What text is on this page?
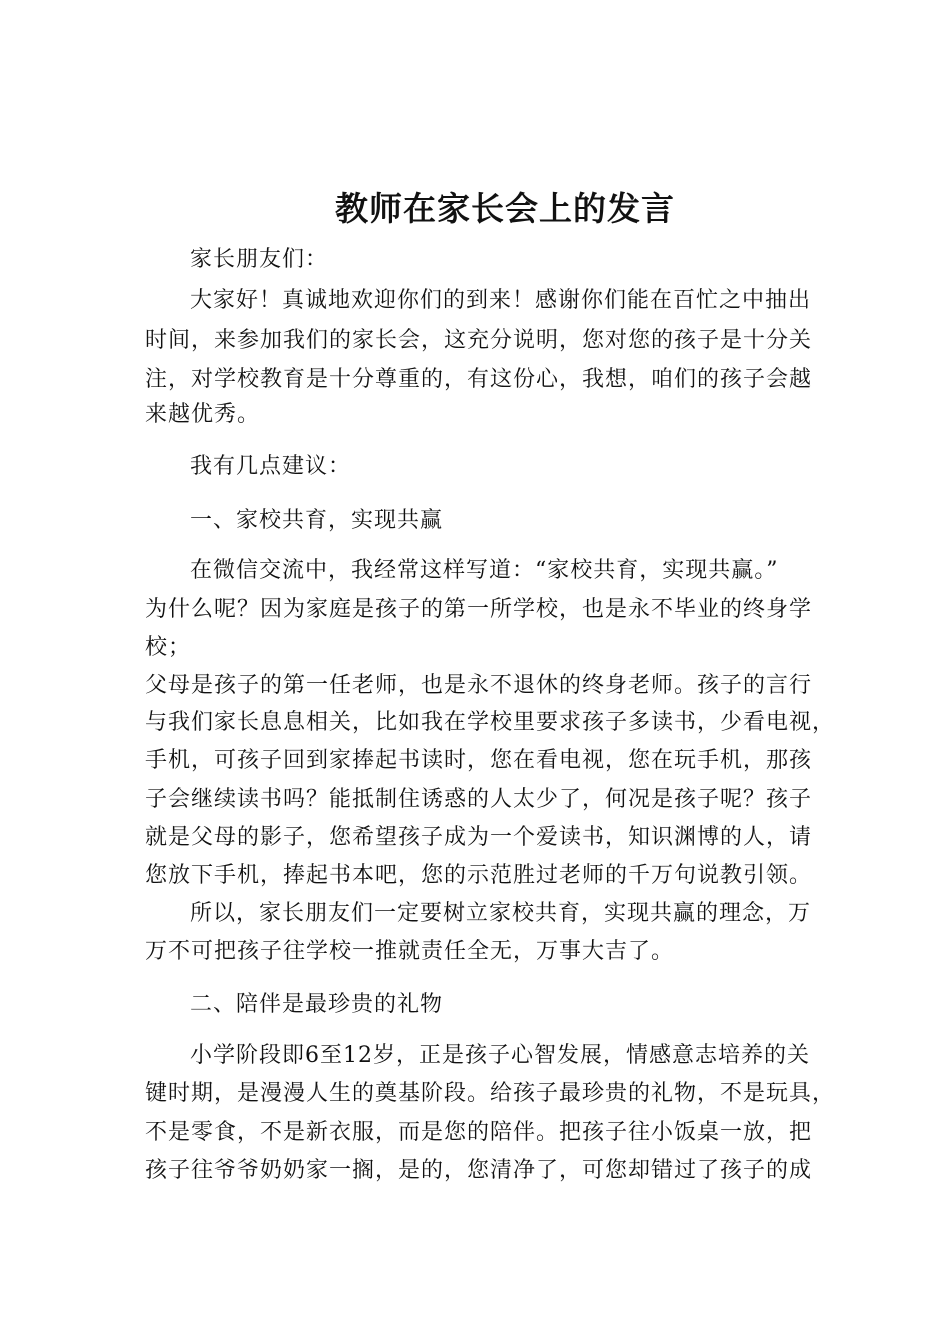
教师在家长会上的发言
家长朋友们：
大家好！真诚地欢迎你们的到来！感谢你们能在百忙之中抽出
时间，来参加我们的家长会，这充分说明，您对您的孩子是十分关
注，对学校教育是十分尊重的，有这份心，我想，咱们的孩子会越
来越优秀。
我有几点建议：
一、家校共育，实现共赢
在微信交流中，我经常这样写道：“家校共育，实现共赢。”
为什么呢？因为家庭是孩子的第一所学校，也是永不毕业的终身学
校；
父母是孩子的第一任老师，也是永不退休的终身老师。孩子的言行
与我们家长息息相关，比如我在学校里要求孩子多读书，少看电视，
手机，可孩子回到家捧起书读时，您在看电视，您在玩手机，那孩
子会继续读书吗？能抵制住诱惑的人太少了，何况是孩子呢？孩子
就是父母的影子，您希望孩子成为一个爱读书，知识渊博的人，请
您放下手机，捧起书本吧，您的示范胜过老师的千万句说教引领。
所以，家长朋友们一定要树立家校共育，实现共赢的理念，万
万不可把孩子往学校一推就责任全无，万事大吉了。
二、陪伴是最珍贵的礼物
小学阶段即6至12岁，正是孩子心智发展，情感意志培养的关
键时期，是漫漫人生的奠基阶段。给孩子最珍贵的礼物，不是玩具，
不是零食，不是新衣服，而是您的陪伴。把孩子往小饭桌一放，把
孩子往爷爷奶奶家一搁，是的，您清净了，可您却错过了孩子的成
